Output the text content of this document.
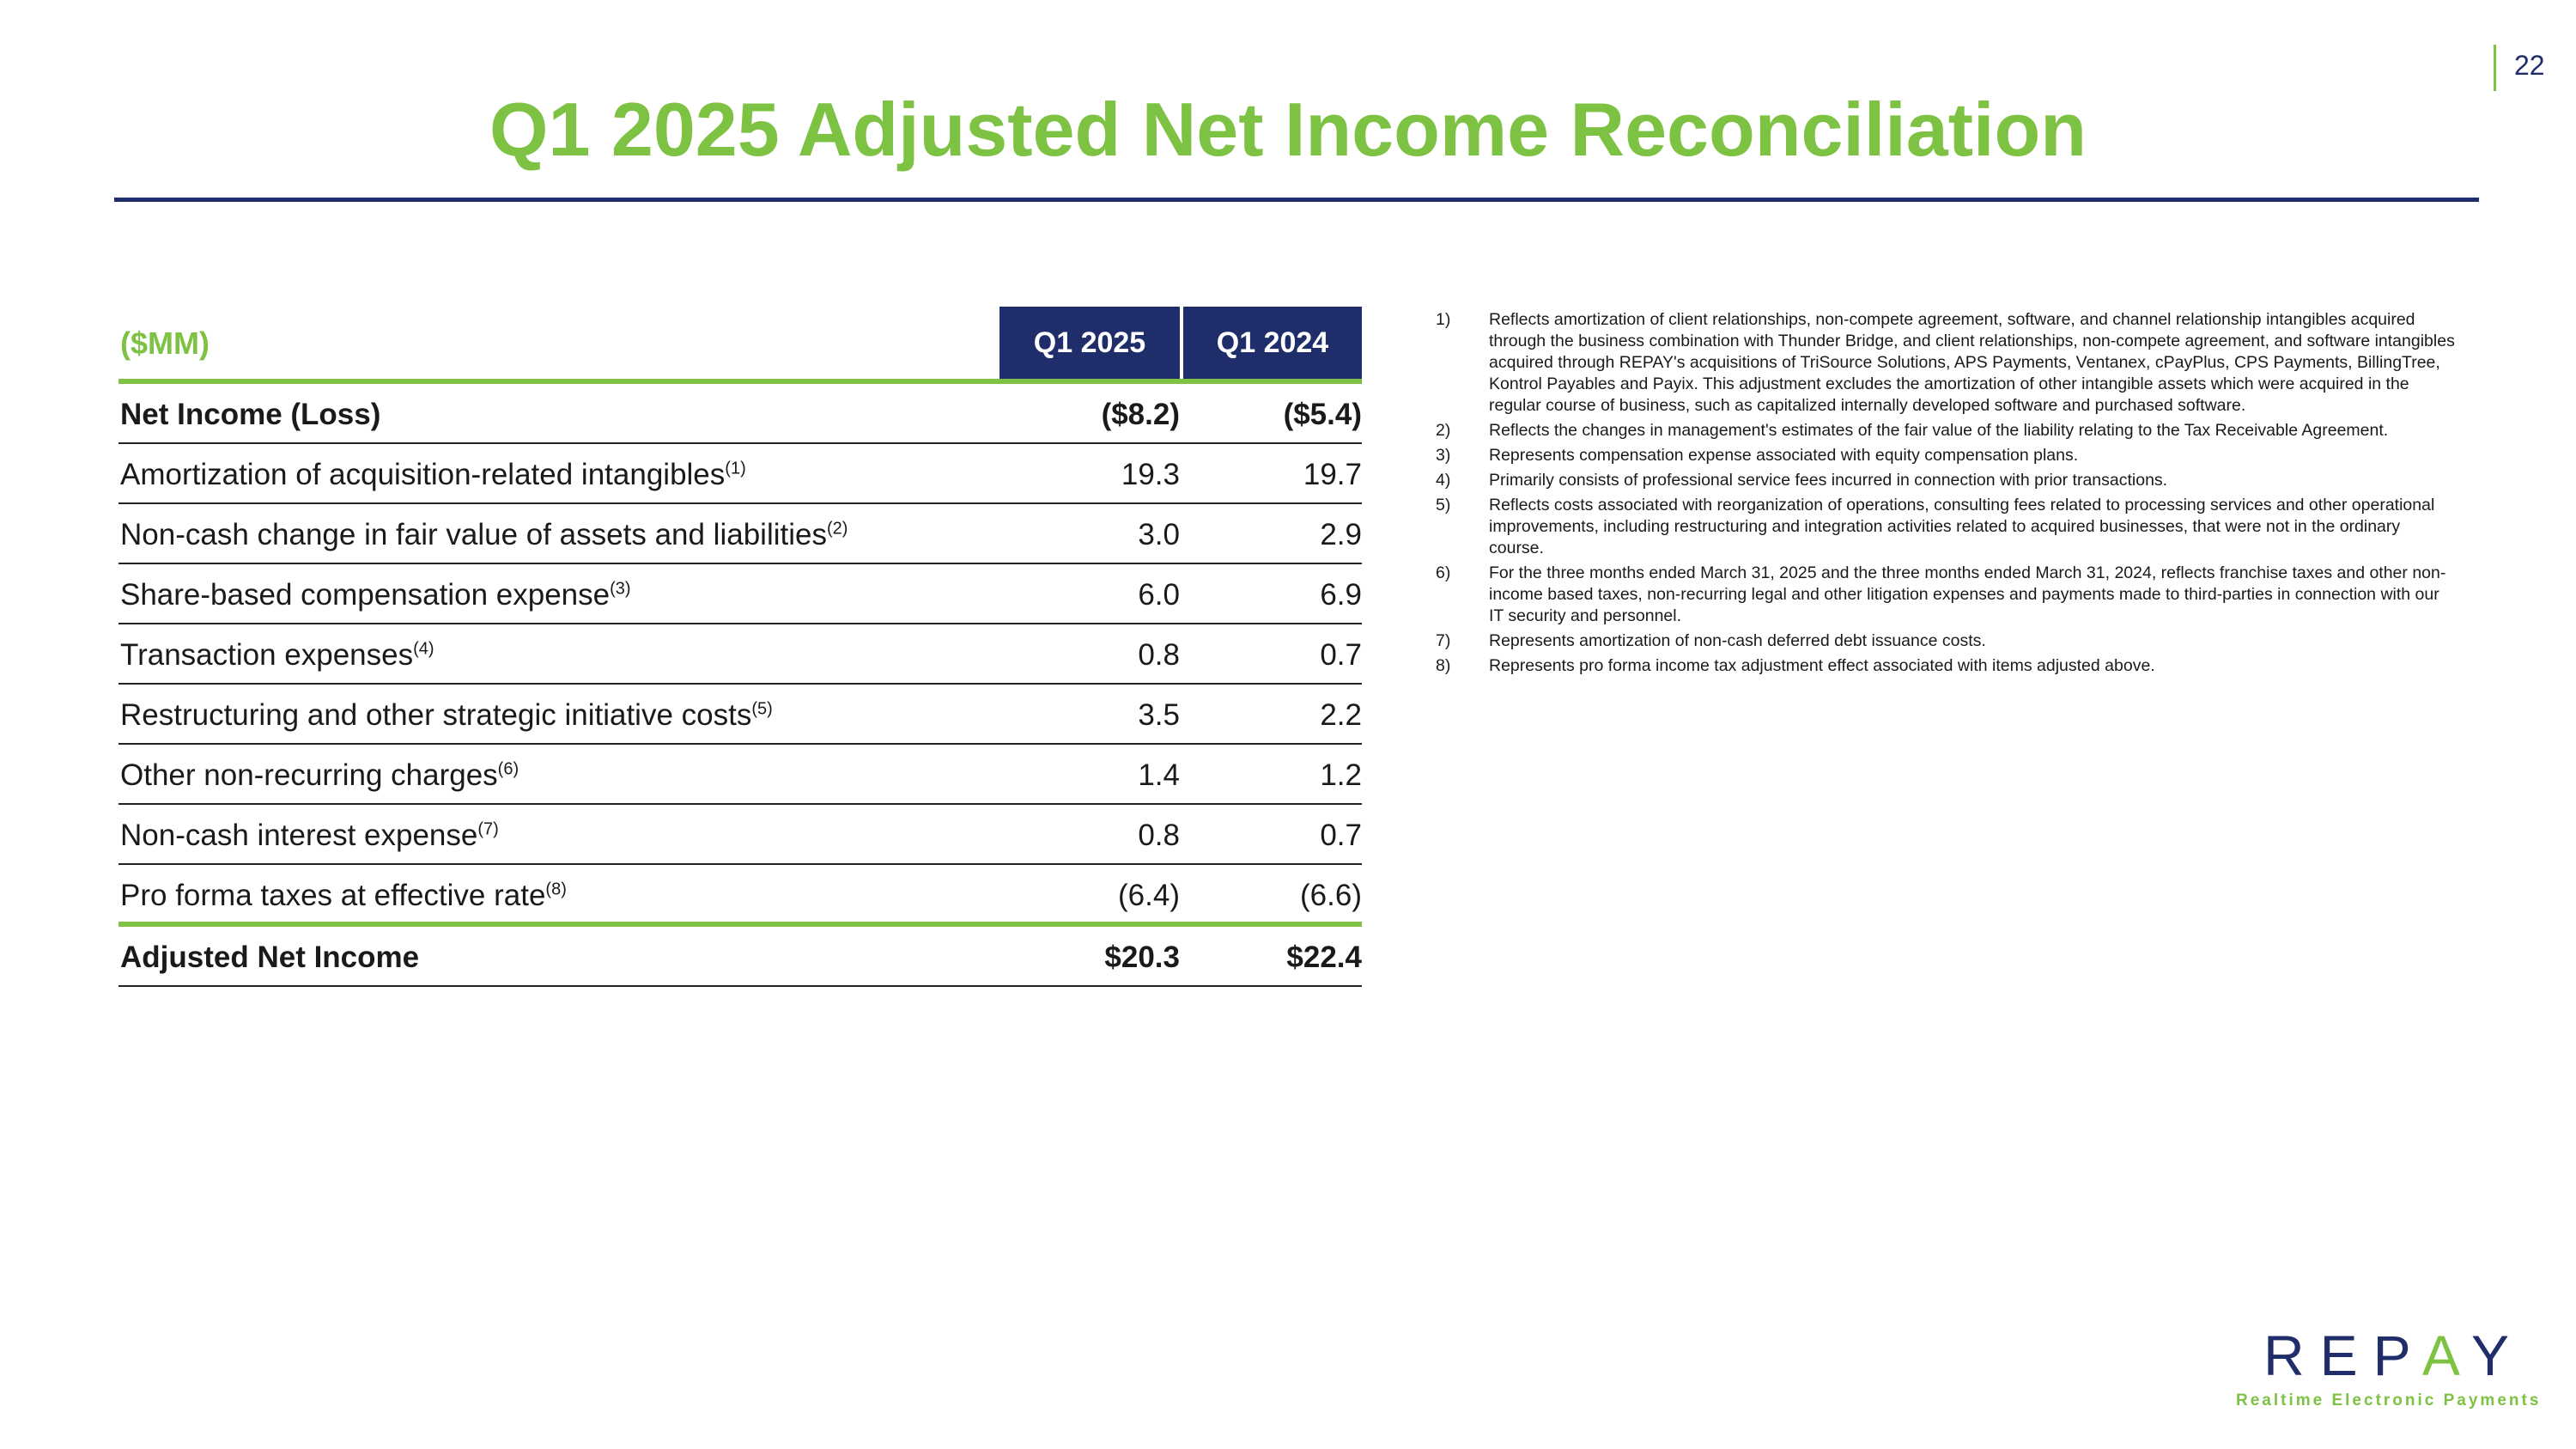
22
Q1 2025 Adjusted Net Income Reconciliation
($MM)	Q1 2025	Q1 2024
Net Income (Loss)	($8.2)	($5.4)
Amortization of acquisition-related intangibles$^{(1)}$	19.3	19.7
Non-cash change in fair value of assets and liabilities$^{(2)}$	3.0	2.9
Share-based compensation expense$^{(3)}$	6.0	6.9
Transaction expenses$^{(4)}$	0.8	0.7
Restructuring and other strategic initiative costs$^{(5)}$	3.5	2.2
Other non-recurring charges$^{(6)}$	1.4	1.2
Non-cash interest expense$^{(7)}$	0.8	0.7
Pro forma taxes at effective rate$^{(8)}$	(6.4)	(6.6)
Adjusted Net Income	$20.3	$22.4
1)	Reflects amortization of client relationships, non-compete agreement, software, and channel relationship intangibles acquired through the business combination with Thunder Bridge, and client relationships, non-compete agreement, and software intangibles acquired through REPAY's acquisitions of TriSource Solutions, APS Payments, Ventanex, cPayPlus, CPS Payments, BillingTree, Kontrol Payables and Payix. This adjustment excludes the amortization of other intangible assets which were acquired in the regular course of business, such as capitalized internally developed software and purchased software.
2)	Reflects the changes in management's estimates of the fair value of the liability relating to the Tax Receivable Agreement.
3)	Represents compensation expense associated with equity compensation plans.
4)	Primarily consists of professional service fees incurred in connection with prior transactions.
5)	Reflects costs associated with reorganization of operations, consulting fees related to processing services and other operational improvements, including restructuring and integration activities related to acquired businesses, that were not in the ordinary course.
6)	For the three months ended March 31, 2025 and the three months ended March 31, 2024, reflects franchise taxes and other non-income based taxes, non-recurring legal and other litigation expenses and payments made to third-parties in connection with our IT security and personnel.
7)	Represents amortization of non-cash deferred debt issuance costs.
8)	Represents pro forma income tax adjustment effect associated with items adjusted above.
REPAY
Realtime Electronic Payments
